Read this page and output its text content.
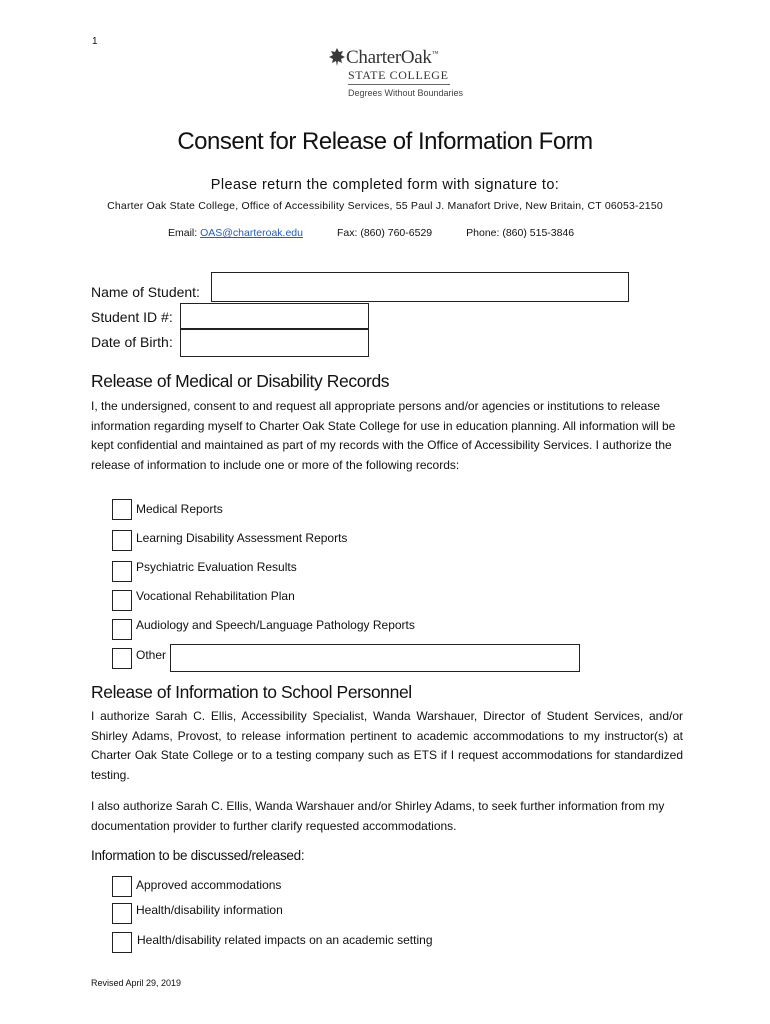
1
CharterOak™
STATE COLLEGE
Degrees Without Boundaries
Consent for Release of Information Form
Please return the completed form with signature to:
Charter Oak State College, Office of Accessibility Services, 55 Paul J. Manafort Drive, New Britain, CT 06053-2150
Email: OAS@charteroak.edu	Fax: (860) 760-6529	Phone: (860) 515-3846
Name of Student:
Student ID #:
Date of Birth:
Release of Medical or Disability Records
I, the undersigned, consent to and request all appropriate persons and/or agencies or institutions to release information regarding myself to Charter Oak State College for use in education planning. All information will be kept confidential and maintained as part of my records with the Office of Accessibility Services. I authorize the release of information to include one or more of the following records:
Medical Reports
Learning Disability Assessment Reports
Psychiatric Evaluation Results
Vocational Rehabilitation Plan
Audiology and Speech/Language Pathology Reports
Other
Release of Information to School Personnel
I authorize Sarah C. Ellis, Accessibility Specialist, Wanda Warshauer, Director of Student Services, and/or Shirley Adams, Provost, to release information pertinent to academic accommodations to my instructor(s) at Charter Oak State College or to a testing company such as ETS if I request accommodations for standardized testing.
I also authorize Sarah C. Ellis, Wanda Warshauer and/or Shirley Adams, to seek further information from my documentation provider to further clarify requested accommodations.
Information to be discussed/released:
Approved accommodations
Health/disability information
Health/disability related impacts on an academic setting
Revised April 29, 2019
